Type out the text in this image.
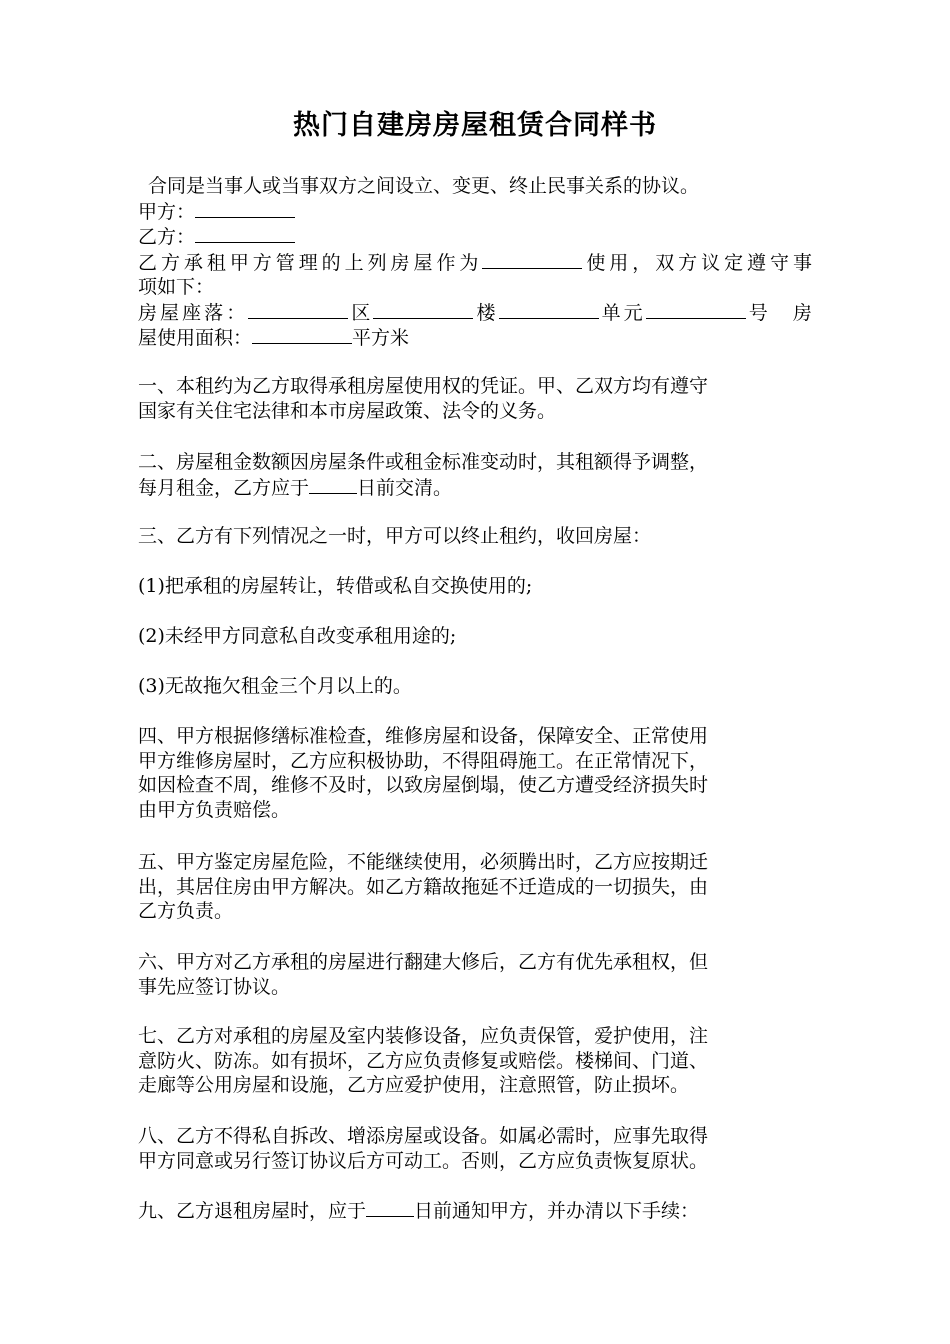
热门自建房房屋租赁合同样书
合同是当事人或当事双方之间设立、变更、终止民事关系的协议。
甲方：
乙方：
乙方承租甲方管理的上列房屋作为	使用，双方议定遵守事
项如下：
房屋座落：	区	楼	单元	号　房
屋使用面积：	平方米
一、本租约为乙方取得承租房屋使用权的凭证。甲、乙双方均有遵守
国家有关住宅法律和本市房屋政策、法令的义务。
二、房屋租金数额因房屋条件或租金标准变动时，其租额得予调整，
每月租金，乙方应于	日前交清。
三、乙方有下列情况之一时，甲方可以终止租约，收回房屋：
(1)把承租的房屋转让，转借或私自交换使用的;
(2)未经甲方同意私自改变承租用途的;
(3)无故拖欠租金三个月以上的。
四、甲方根据修缮标准检查，维修房屋和设备，保障安全、正常使用
甲方维修房屋时，乙方应积极协助，不得阻碍施工。在正常情况下，
如因检查不周，维修不及时，以致房屋倒塌，使乙方遭受经济损失时
由甲方负责赔偿。
五、甲方鉴定房屋危险，不能继续使用，必须腾出时，乙方应按期迁
出，其居住房由甲方解决。如乙方籍故拖延不迁造成的一切损失，由
乙方负责。
六、甲方对乙方承租的房屋进行翻建大修后，乙方有优先承租权，但
事先应签订协议。
七、乙方对承租的房屋及室内装修设备，应负责保管，爱护使用，注
意防火、防冻。如有损坏，乙方应负责修复或赔偿。楼梯间、门道、
走廊等公用房屋和设施，乙方应爱护使用，注意照管，防止损坏。
八、乙方不得私自拆改、增添房屋或设备。如属必需时，应事先取得
甲方同意或另行签订协议后方可动工。否则，乙方应负责恢复原状。
九、乙方退租房屋时，应于	日前通知甲方，并办清以下手续：
